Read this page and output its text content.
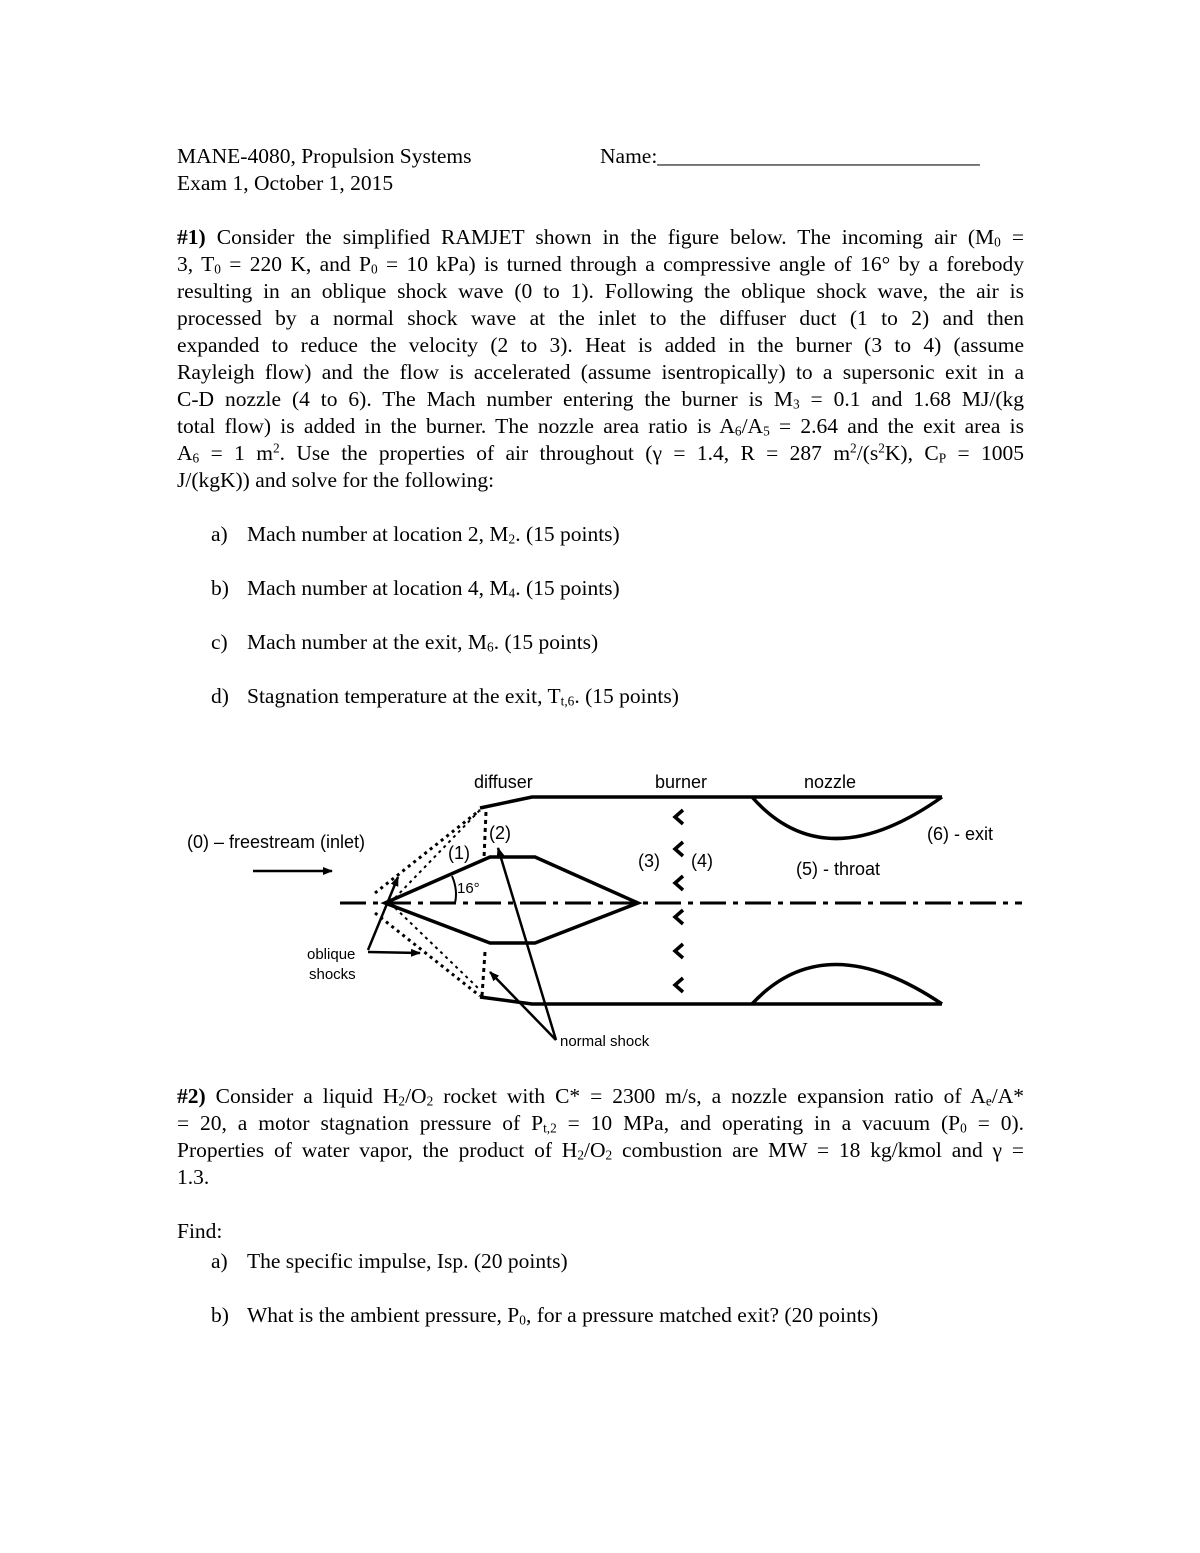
MANE-4080, Propulsion Systems	Name:______________________________
Exam 1, October 1, 2015
#1) Consider the simplified RAMJET shown in the figure below. The incoming air ($M_0$ =
3, $T_0 = 220$ K, and $P_0 = 10$ kPa) is turned through a compressive angle of 16° by a forebody
resulting in an oblique shock wave (0 to 1). Following the oblique shock wave, the air is
processed by a normal shock wave at the inlet to the diffuser duct (1 to 2) and then
expanded to reduce the velocity (2 to 3). Heat is added in the burner (3 to 4) (assume
Rayleigh flow) and the flow is accelerated (assume isentropically) to a supersonic exit in a
C-D nozzle (4 to 6). The Mach number entering the burner is $M_3 = 0.1$ and 1.68 MJ/(kg
total flow) is added in the burner. The nozzle area ratio is $A_6/A_5 = 2.64$ and the exit area is
$A_6 = 1$ $m^2$. Use the properties of air throughout (γ = 1.4, R = 287 $m^2/(s^2K)$, $C_P = 1005$
J/(kgK)) and solve for the following:
a) Mach number at location 2, $M_2$. (15 points)
b) Mach number at location 4, $M_4$. (15 points)
c) Mach number at the exit, $M_6$. (15 points)
d) Stagnation temperature at the exit, $T_{t,6}$. (15 points)
diffuser	burner	nozzle
(0) – freestream (inlet)
(1)
(2)
(3) (4)	(5) - throat
(6) - exit
16°
oblique
shocks
normal shock
#2) Consider a liquid $H_2/O_2$ rocket with C* = 2300 m/s, a nozzle expansion ratio of $A_e/A*$
= 20, a motor stagnation pressure of $P_{t,2} = 10$ MPa, and operating in a vacuum $(P_0 = 0)$.
Properties of water vapor, the product of $H_2/O_2$ combustion are MW = 18 kg/kmol and γ =
1.3.
Find:
a) The specific impulse, Isp. (20 points)
b) What is the ambient pressure, $P_0$, for a pressure matched exit? (20 points)
